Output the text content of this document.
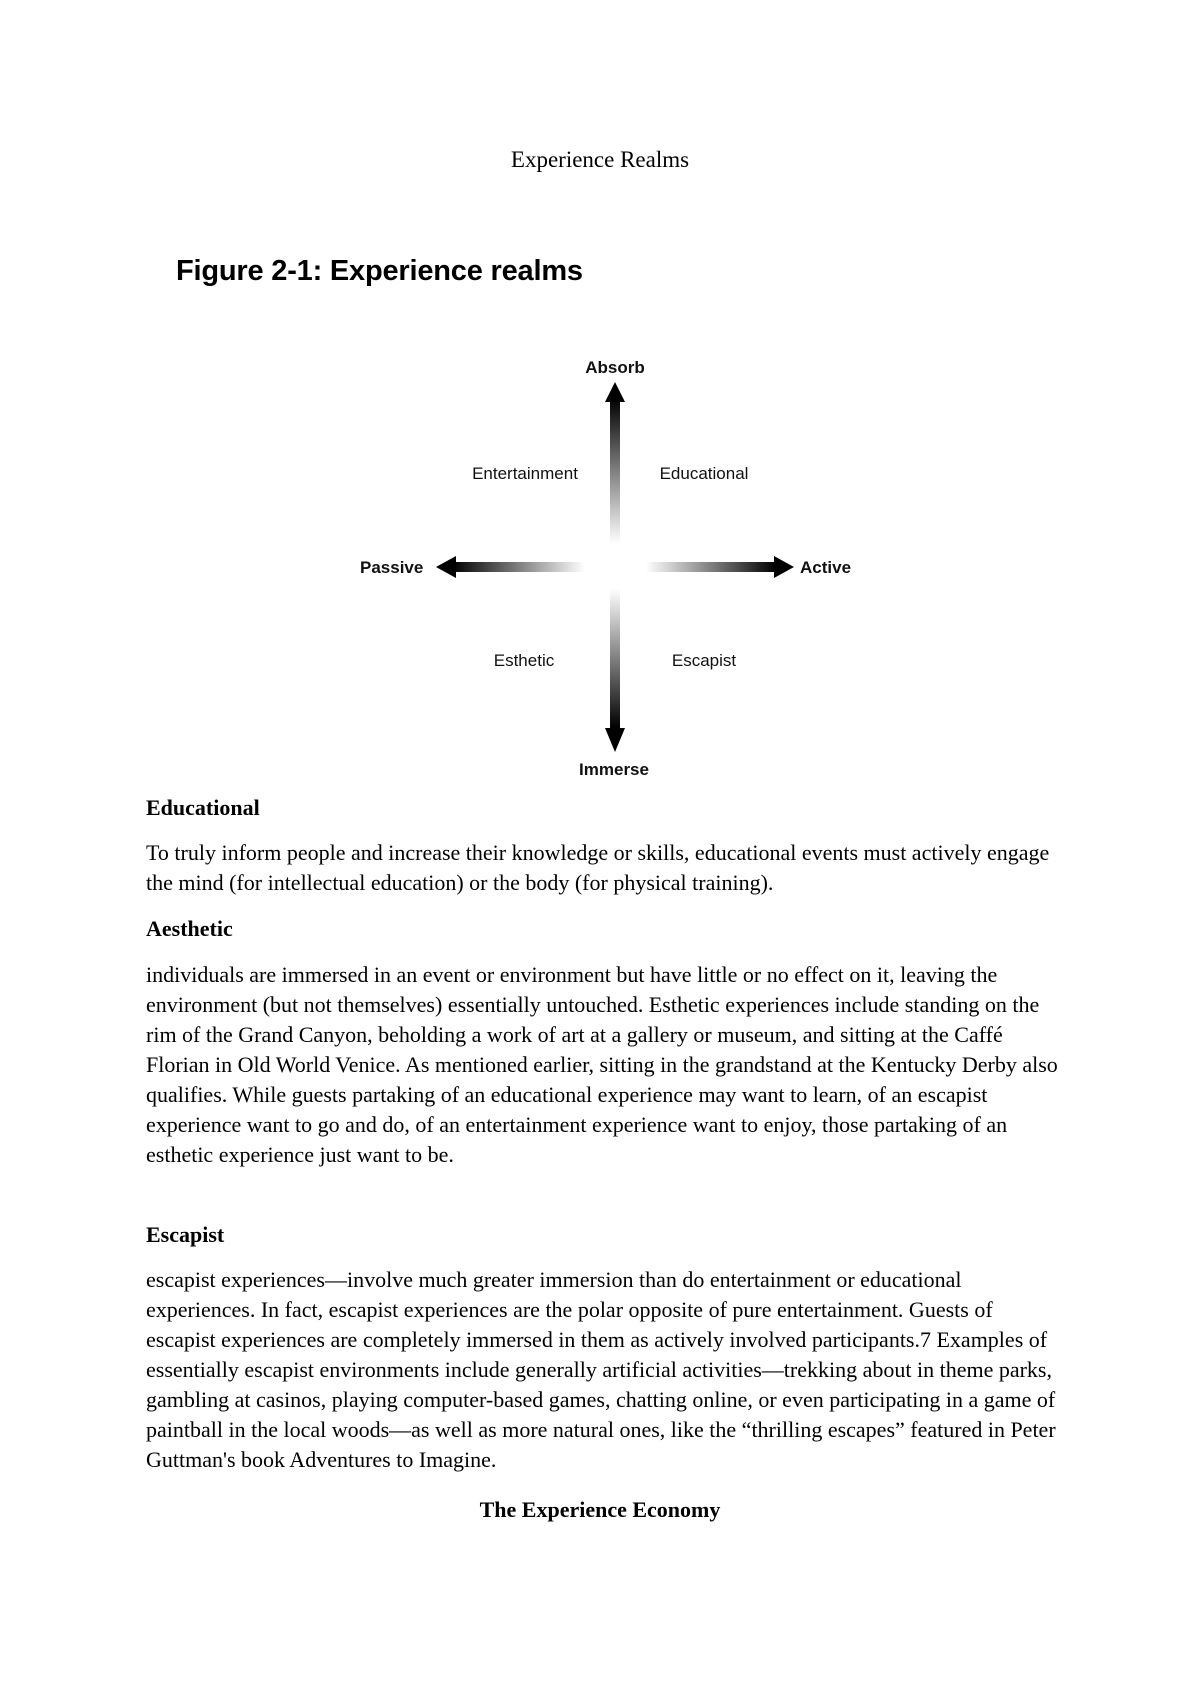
Experience Realms
Figure 2-1: Experience realms
Absorb
Immerse
Passive	Active
Entertainment	Educational
Esthetic	Escapist
Educational

To truly inform people and increase their knowledge or skills, educational events must actively engage the mind (for intellectual education) or the body (for physical training).

Aesthetic

individuals are immersed in an event or environment but have little or no effect on it, leaving the environment (but not themselves) essentially untouched. Esthetic experiences include standing on the rim of the Grand Canyon, beholding a work of art at a gallery or museum, and sitting at the Caffé Florian in Old World Venice. As mentioned earlier, sitting in the grandstand at the Kentucky Derby also qualifies. While guests partaking of an educational experience may want to learn, of an escapist experience want to go and do, of an entertainment experience want to enjoy, those partaking of an esthetic experience just want to be.

Escapist

escapist experiences—involve much greater immersion than do entertainment or educational experiences. In fact, escapist experiences are the polar opposite of pure entertainment. Guests of escapist experiences are completely immersed in them as actively involved participants.7 Examples of essentially escapist environments include generally artificial activities—trekking about in theme parks, gambling at casinos, playing computer-based games, chatting online, or even participating in a game of paintball in the local woods—as well as more natural ones, like the “thrilling escapes” featured in Peter Guttman's book Adventures to Imagine.

The Experience Economy
